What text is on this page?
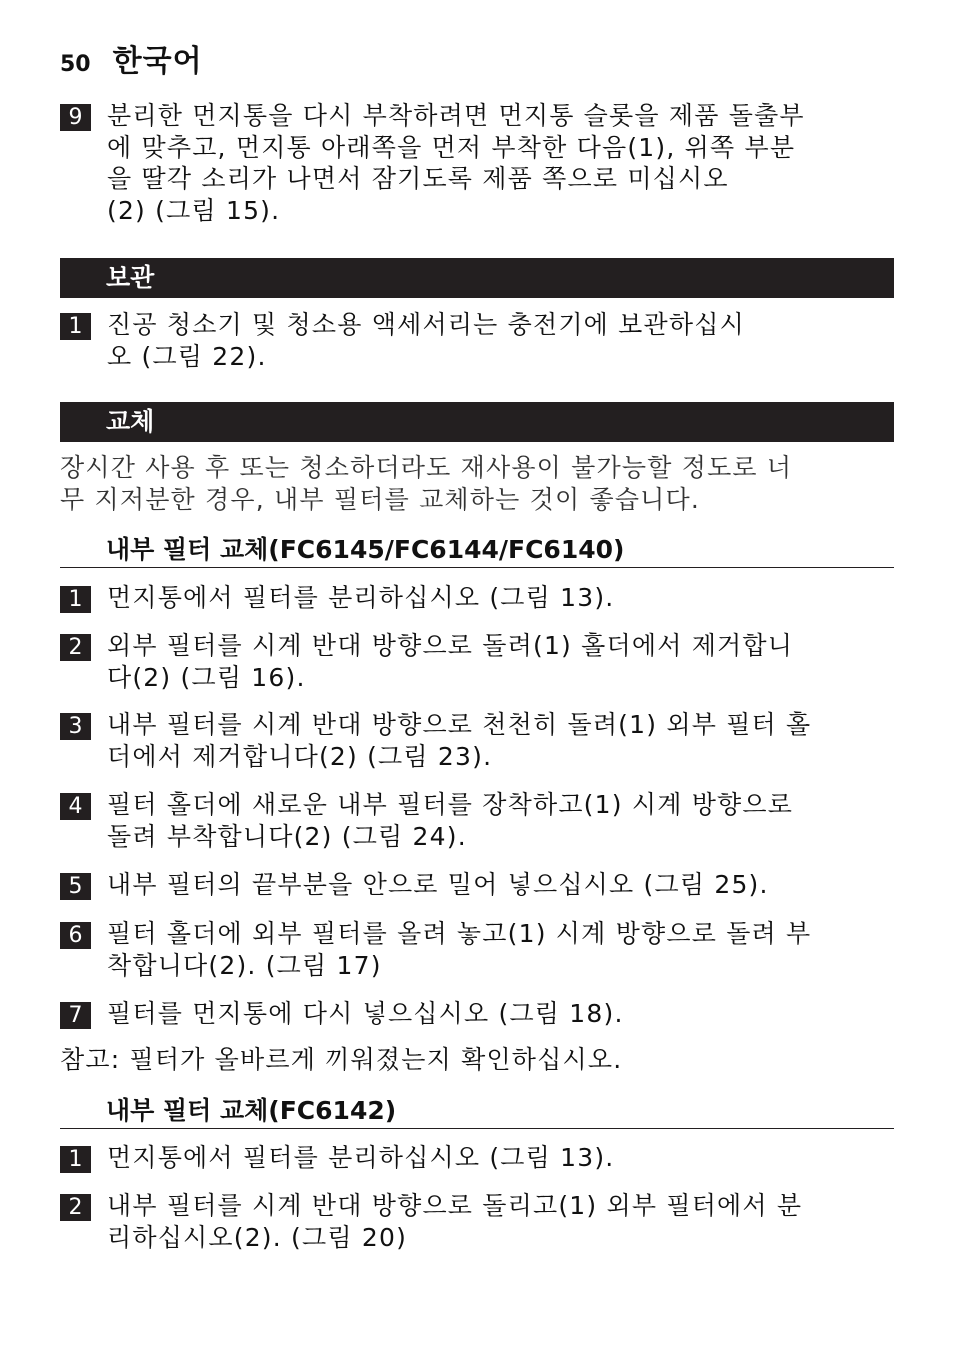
50 한국어
9 분리한 먼지통을 다시 부착하려면 먼지통 슬롯을 제품 돌출부
에 맞추고, 먼지통 아래쪽을 먼저 부착한 다음(1), 위쪽 부분
을 딸각 소리가 나면서 잠기도록 제품 쪽으로 미십시오
(2) (그림 15).
보관
1 진공 청소기 및 청소용 액세서리는 충전기에 보관하십시
오 (그림 22).
교체
장시간 사용 후 또는 청소하더라도 재사용이 불가능할 정도로 너
무 지저분한 경우, 내부 필터를 교체하는 것이 좋습니다.
내부 필터 교체(FC6145/FC6144/FC6140)
1 먼지통에서 필터를 분리하십시오 (그림 13).
2 외부 필터를 시계 반대 방향으로 돌려(1) 홀더에서 제거합니
다(2) (그림 16).
3 내부 필터를 시계 반대 방향으로 천천히 돌려(1) 외부 필터 홀
더에서 제거합니다(2) (그림 23).
4 필터 홀더에 새로운 내부 필터를 장착하고(1) 시계 방향으로
돌려 부착합니다(2) (그림 24).
5 내부 필터의 끝부분을 안으로 밀어 넣으십시오 (그림 25).
6 필터 홀더에 외부 필터를 올려 놓고(1) 시계 방향으로 돌려 부
착합니다(2). (그림 17)
7 필터를 먼지통에 다시 넣으십시오 (그림 18).
참고: 필터가 올바르게 끼워졌는지 확인하십시오.
내부 필터 교체(FC6142)
1 먼지통에서 필터를 분리하십시오 (그림 13).
2 내부 필터를 시계 반대 방향으로 돌리고(1) 외부 필터에서 분
리하십시오(2). (그림 20)
